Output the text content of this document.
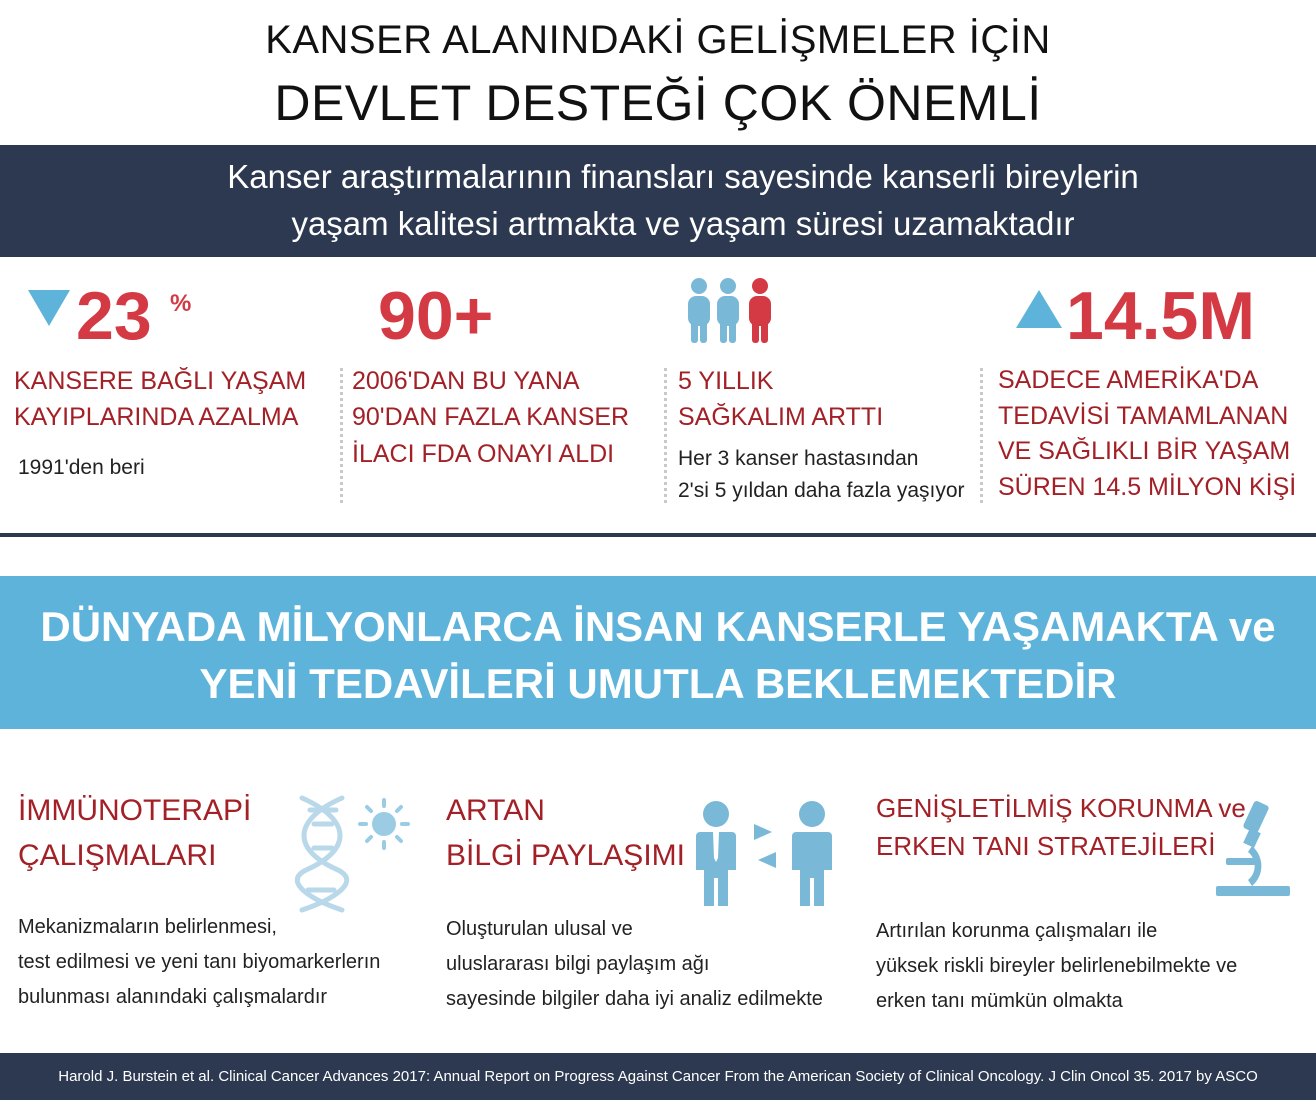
KANSER ALANINDAKİ GELİŞMELER İÇİN
DEVLET DESTEĞİ ÇOK ÖNEMLİ
Kanser araştırmalarının finansları sayesinde kanserli bireylerin
yaşam kalitesi artmakta ve yaşam süresi uzamaktadır
23 %
KANSERE BAĞLI YAŞAM
KAYIPLARINDA AZALMA
1991'den beri
90+
2006'DAN BU YANA
90'DAN FAZLA KANSER
İLACI FDA ONAYI ALDI
5 YILLIK
SAĞKALIM ARTTI
Her 3 kanser hastasından
2'si 5 yıldan daha fazla yaşıyor
14.5M
SADECE AMERİKA'DA
TEDAVİSİ TAMAMLANAN
VE SAĞLIKLI BİR YAŞAM
SÜREN 14.5 MİLYON KİŞİ
DÜNYADA MİLYONLARCA İNSAN KANSERLE YAŞAMAKTA ve
YENİ TEDAVİLERİ UMUTLA BEKLEMEKTEDİR
İMMÜNOTERAPİ
ÇALIŞMALARI
Mekanizmaların belirlenmesi,
test edilmesi ve yeni tanı biyomarkerlerın
bulunması alanındaki çalışmalardır
ARTAN
BİLGİ PAYLAŞIMI
Oluşturulan ulusal ve
uluslararası bilgi paylaşım ağı
sayesinde bilgiler daha iyi analiz edilmekte
GENİŞLETİLMİŞ KORUNMA ve
ERKEN TANI STRATEJİLERİ
Artırılan korunma çalışmaları ile
yüksek riskli bireyler belirlenebilmekte ve
erken tanı mümkün olmakta
Harold J. Burstein et al. Clinical Cancer Advances 2017: Annual Report on Progress Against Cancer From the American Society of Clinical Oncology. J Clin Oncol 35. 2017 by ASCO
